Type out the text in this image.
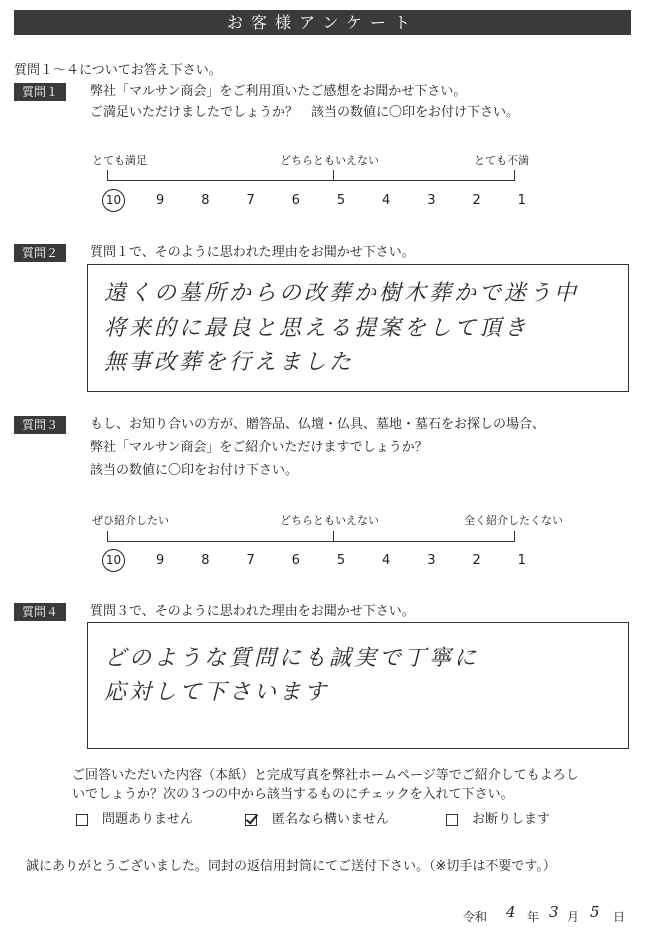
お客様アンケート
質問１～４についてお答え下さい。
質問１	弊社「マルサン商会」をご利用頂いたご感想をお聞かせ下さい。
ご満足いただけましたでしょうか？　該当の数値に〇印をお付け下さい。
とても満足	どちらともいえない	とても不満
10	9	8	7	6	5	4	3	2	1
質問２	質問１で、そのように思われた理由をお聞かせ下さい。
遠くの墓所からの改葬か樹木葬かで迷う中
将来的に最良と思える提案をして頂き
無事改葬を行えました
質問３	もし、お知り合いの方が、贈答品、仏壇・仏具、墓地・墓石をお探しの場合、
弊社「マルサン商会」をご紹介いただけますでしょうか？
該当の数値に〇印をお付け下さい。
ぜひ紹介したい	どちらともいえない	全く紹介したくない
10	9	8	7	6	5	4	3	2	1
質問４	質問３で、そのように思われた理由をお聞かせ下さい。
どのような質問にも誠実で丁寧に
応対して下さいます
ご回答いただいた内容（本紙）と完成写真を弊社ホームページ等でご紹介してもよろし
いでしょうか？次の３つの中から該当するものにチェックを入れて下さい。
問題ありません	匿名なら構いません	お断りします
誠にありがとうございました。同封の返信用封筒にてご送付下さい。（※切手は不要です。）
令和 4 年 3 月 5 日
